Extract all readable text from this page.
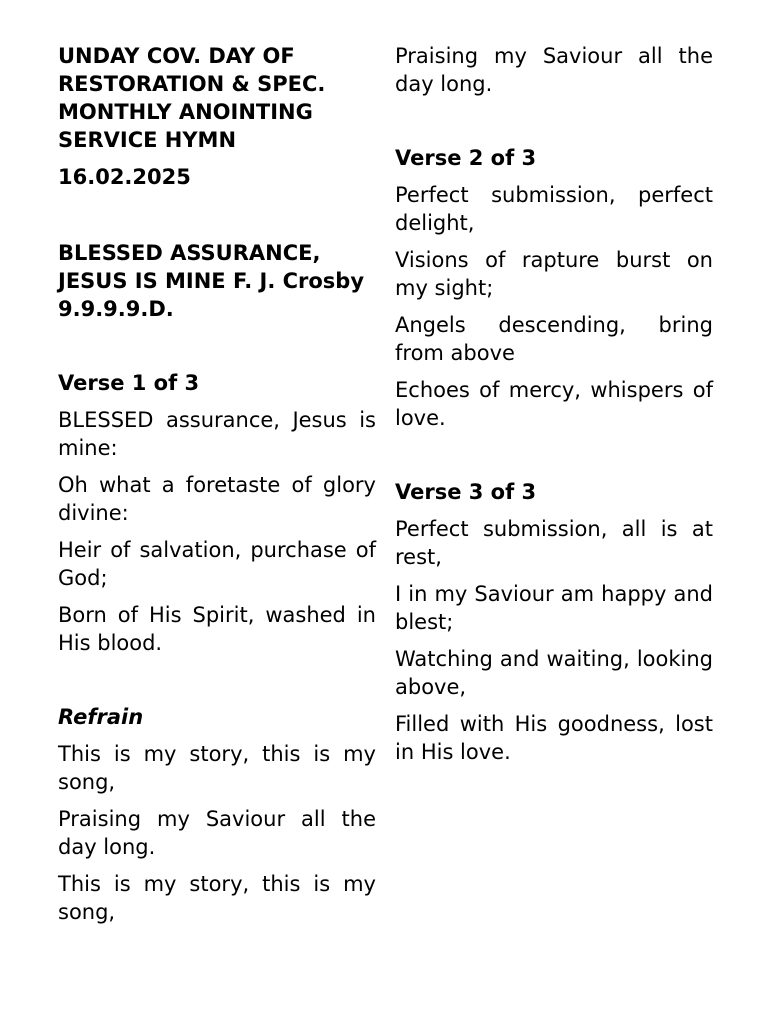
UNDAY COV. DAY OF RESTORATION & SPEC. MONTHLY ANOINTING SERVICE HYMN

16.02.2025

BLESSED ASSURANCE, JESUS IS MINE F. J. Crosby 9.9.9.9.D.

Verse 1 of 3

BLESSED assurance, Jesus is mine:

Oh what a foretaste of glory divine:

Heir of salvation, purchase of God;

Born of His Spirit, washed in His blood.

Refrain

This is my story, this is my song,

Praising my Saviour all the day long.

This is my story, this is my song,

Praising my Saviour all the day long.

Verse 2 of 3

Perfect submission, perfect delight,

Visions of rapture burst on my sight;

Angels descending, bring from above

Echoes of mercy, whispers of love.

Verse 3 of 3

Perfect submission, all is at rest,

I in my Saviour am happy and blest;

Watching and waiting, looking above,

Filled with His goodness, lost in His love.
